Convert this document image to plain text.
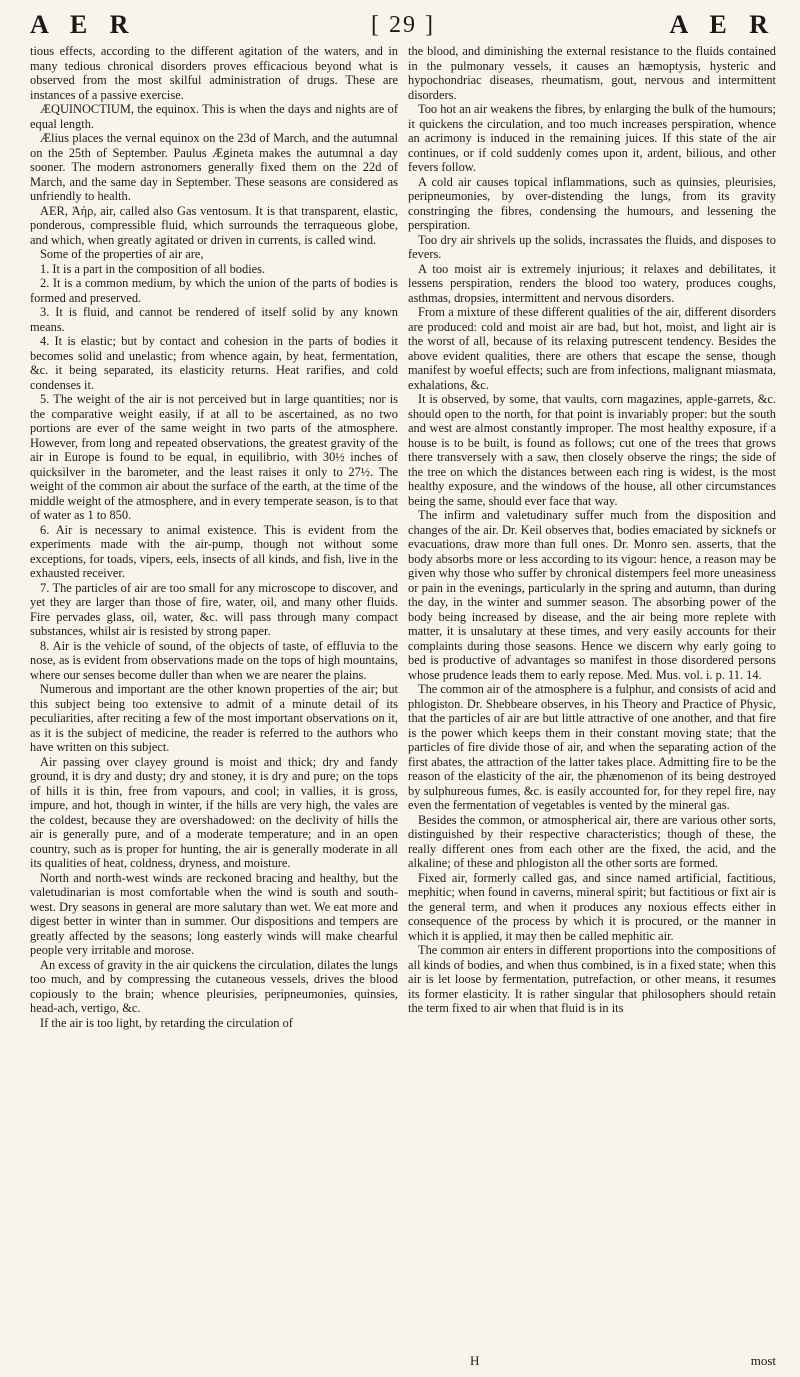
A E R	[ 29 ]	A E R

tious effects, according to the different agitation of the waters, and in many tedious chronical disorders proves efficacious beyond what is observed from the most skilful administration of drugs. These are instances of a passive exercise.

ÆQUINOCTIUM, the equinox. This is when the days and nights are of equal length.

Ælius places the vernal equinox on the 23d of March, and the autumnal on the 25th of September. Paulus Ægineta makes the autumnal a day sooner. The modern astronomers generally fixed them on the 22d of March, and the same day in September. These seasons are considered as unfriendly to health.

AER, Ἀήρ, air, called also Gas ventosum. It is that transparent, elastic, ponderous, compressible fluid, which surrounds the terraqueous globe, and which, when greatly agitated or driven in currents, is called wind.

Some of the properties of air are,

1. It is a part in the composition of all bodies.

2. It is a common medium, by which the union of the parts of bodies is formed and preserved.

3. It is fluid, and cannot be rendered of itself solid by any known means.

4. It is elastic; but by contact and cohesion in the parts of bodies it becomes solid and unelastic; from whence again, by heat, fermentation, &c. it being separated, its elasticity returns. Heat rarifies, and cold condenses it.

5. The weight of the air is not perceived but in large quantities; nor is the comparative weight easily, if at all to be ascertained, as no two portions are ever of the same weight in two parts of the atmosphere. However, from long and repeated observations, the greatest gravity of the air in Europe is found to be equal, in equilibrio, with 30½ inches of quicksilver in the barometer, and the least raises it only to 27½. The weight of the common air about the surface of the earth, at the time of the middle weight of the atmosphere, and in every temperate season, is to that of water as 1 to 850.

6. Air is necessary to animal existence. This is evident from the experiments made with the air-pump, though not without some exceptions, for toads, vipers, eels, insects of all kinds, and fish, live in the exhausted receiver.

7. The particles of air are too small for any microscope to discover, and yet they are larger than those of fire, water, oil, and many other fluids. Fire pervades glass, oil, water, &c. will pass through many compact substances, whilst air is resisted by strong paper.

8. Air is the vehicle of sound, of the objects of taste, of effluvia to the nose, as is evident from observations made on the tops of high mountains, where our senses become duller than when we are nearer the plains.

Numerous and important are the other known properties of the air; but this subject being too extensive to admit of a minute detail of its peculiarities, after reciting a few of the most important observations on it, as it is the subject of medicine, the reader is referred to the authors who have written on this subject.

Air passing over clayey ground is moist and thick; dry and fandy ground, it is dry and dusty; dry and stoney, it is dry and pure; on the tops of hills it is thin, free from vapours, and cool; in vallies, it is gross, impure, and hot, though in winter, if the hills are very high, the vales are the coldest, because they are overshadowed: on the declivity of hills the air is generally pure, and of a moderate temperature; and in an open country, such as is proper for hunting, the air is generally moderate in all its qualities of heat, coldness, dryness, and moisture.

North and north-west winds are reckoned bracing and healthy, but the valetudinarian is most comfortable when the wind is south and south-west. Dry seasons in general are more salutary than wet. We eat more and digest better in winter than in summer. Our dispositions and tempers are greatly affected by the seasons; long easterly winds will make chearful people very irritable and morose.

An excess of gravity in the air quickens the circulation, dilates the lungs too much, and by compressing the cutaneous vessels, drives the blood copiously to the brain; whence pleurisies, peripneumonies, quinsies, head-ach, vertigo, &c.

If the air is too light, by retarding the circulation of

the blood, and diminishing the external resistance to the fluids contained in the pulmonary vessels, it causes an hæmoptysis, hysteric and hypochondriac diseases, rheumatism, gout, nervous and intermittent disorders.

Too hot an air weakens the fibres, by enlarging the bulk of the humours; it quickens the circulation, and too much increases perspiration, whence an acrimony is induced in the remaining juices. If this state of the air continues, or if cold suddenly comes upon it, ardent, bilious, and other fevers follow.

A cold air causes topical inflammations, such as quinsies, pleurisies, peripneumonies, by over-distending the lungs, from its gravity constringing the fibres, condensing the humours, and lessening the perspiration.

Too dry air shrivels up the solids, incrassates the fluids, and disposes to fevers.

A too moist air is extremely injurious; it relaxes and debilitates, it lessens perspiration, renders the blood too watery, produces coughs, asthmas, dropsies, intermittent and nervous disorders.

From a mixture of these different qualities of the air, different disorders are produced: cold and moist air are bad, but hot, moist, and light air is the worst of all, because of its relaxing putrescent tendency. Besides the above evident qualities, there are others that escape the sense, though manifest by woeful effects; such are from infections, malignant miasmata, exhalations, &c.

It is observed, by some, that vaults, corn magazines, apple-garrets, &c. should open to the north, for that point is invariably proper: but the south and west are almost constantly improper. The most healthy exposure, if a house is to be built, is found as follows; cut one of the trees that grows there transversely with a saw, then closely observe the rings; the side of the tree on which the distances between each ring is widest, is the most healthy exposure, and the windows of the house, all other circumstances being the same, should ever face that way.

The infirm and valetudinary suffer much from the disposition and changes of the air. Dr. Keil observes that, bodies emaciated by sicknefs or evacuations, draw more than full ones. Dr. Monro sen. asserts, that the body absorbs more or less according to its vigour: hence, a reason may be given why those who suffer by chronical distempers feel more uneasiness or pain in the evenings, particularly in the spring and autumn, than during the day, in the winter and summer season. The absorbing power of the body being increased by disease, and the air being more replete with matter, it is unsalutary at these times, and very easily accounts for their complaints during those seasons. Hence we discern why early going to bed is productive of advantages so manifest in those disordered persons whose prudence leads them to early repose. Med. Mus. vol. i. p. 11. 14.

The common air of the atmosphere is a fulphur, and consists of acid and phlogiston. Dr. Shebbeare observes, in his Theory and Practice of Physic, that the particles of air are but little attractive of one another, and that fire is the power which keeps them in their constant moving state; that the particles of fire divide those of air, and when the separating action of the first abates, the attraction of the latter takes place. Admitting fire to be the reason of the elasticity of the air, the phænomenon of its being destroyed by sulphureous fumes, &c. is easily accounted for, for they repel fire, nay even the fermentation of vegetables is vented by the mineral gas.

Besides the common, or atmospherical air, there are various other sorts, distinguished by their respective characteristics; though of these, the really different ones from each other are the fixed, the acid, and the alkaline; of these and phlogiston all the other sorts are formed.

Fixed air, formerly called gas, and since named artificial, factitious, mephitic; when found in caverns, mineral spirit; but factitious or fixt air is the general term, and when it produces any noxious effects either in consequence of the process by which it is procured, or the manner in which it is applied, it may then be called mephitic air.

The common air enters in different proportions into the compositions of all kinds of bodies, and when thus combined, is in a fixed state; when this air is let loose by fermentation, putrefaction, or other means, it resumes its former elasticity. It is rather singular that philosophers should retain the term fixed to air when that fluid is in its

H	most
